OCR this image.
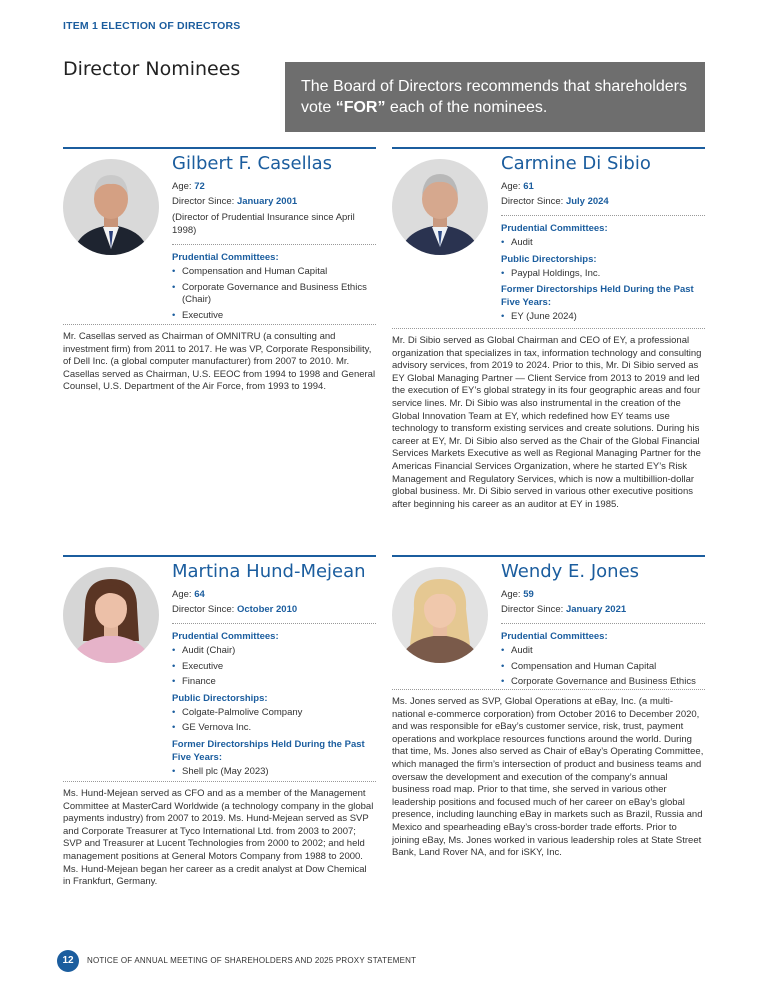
ITEM 1 ELECTION OF DIRECTORS
Director Nominees
The Board of Directors recommends that shareholders vote “FOR” each of the nominees.
Gilbert F. Casellas
Age: 72
Director Since: January 2001
(Director of Prudential Insurance since April 1998)
Prudential Committees:
• Compensation and Human Capital
• Corporate Governance and Business Ethics (Chair)
• Executive
Mr. Casellas served as Chairman of OMNITRU (a consulting and investment firm) from 2011 to 2017. He was VP, Corporate Responsibility, of Dell Inc. (a global computer manufacturer) from 2007 to 2010. Mr. Casellas served as Chairman, U.S. EEOC from 1994 to 1998 and General Counsel, U.S. Department of the Air Force, from 1993 to 1994.
Carmine Di Sibio
Age: 61
Director Since: July 2024
Prudential Committees:
• Audit
Public Directorships:
• Paypal Holdings, Inc.
Former Directorships Held During the Past Five Years:
• EY (June 2024)
Mr. Di Sibio served as Global Chairman and CEO of EY, a professional organization that specializes in tax, information technology and consulting advisory services, from 2019 to 2024. Prior to this, Mr. Di Sibio served as EY Global Managing Partner — Client Service from 2013 to 2019 and led the execution of EY’s global strategy in its four geographic areas and four service lines. Mr. Di Sibio was also instrumental in the creation of the Global Innovation Team at EY, which redefined how EY teams use technology to transform existing services and create solutions. During his career at EY, Mr. Di Sibio also served as the Chair of the Global Financial Services Markets Executive as well as Regional Managing Partner for the Americas Financial Services Organization, where he started EY’s Risk Management and Regulatory Services, which is now a multibillion-dollar global business. Mr. Di Sibio served in various other executive positions after beginning his career as an auditor at EY in 1985.
Martina Hund-Mejean
Age: 64
Director Since: October 2010
Prudential Committees:
• Audit (Chair)
• Executive
• Finance
Public Directorships:
• Colgate-Palmolive Company
• GE Vernova Inc.
Former Directorships Held During the Past Five Years:
• Shell plc (May 2023)
Ms. Hund-Mejean served as CFO and as a member of the Management Committee at MasterCard Worldwide (a technology company in the global payments industry) from 2007 to 2019. Ms. Hund-Mejean served as SVP and Corporate Treasurer at Tyco International Ltd. from 2003 to 2007; SVP and Treasurer at Lucent Technologies from 2000 to 2002; and held management positions at General Motors Company from 1988 to 2000. Ms. Hund-Mejean began her career as a credit analyst at Dow Chemical in Frankfurt, Germany.
Wendy E. Jones
Age: 59
Director Since: January 2021
Prudential Committees:
• Audit
• Compensation and Human Capital
• Corporate Governance and Business Ethics
Ms. Jones served as SVP, Global Operations at eBay, Inc. (a multi-national e-commerce corporation) from October 2016 to December 2020, and was responsible for eBay’s customer service, risk, trust, payment operations and workplace resources functions around the world. During that time, Ms. Jones also served as Chair of eBay’s Operating Committee, which managed the firm’s intersection of product and business teams and oversaw the development and execution of the company’s annual business road map. Prior to that time, she served in various other leadership positions and focused much of her career on eBay’s global presence, including launching eBay in markets such as Brazil, Russia and Mexico and spearheading eBay’s cross-border trade efforts. Prior to joining eBay, Ms. Jones worked in various leadership roles at State Street Bank, Land Rover NA, and for iSKY, Inc.
12	NOTICE OF ANNUAL MEETING OF SHAREHOLDERS AND 2025 PROXY STATEMENT
